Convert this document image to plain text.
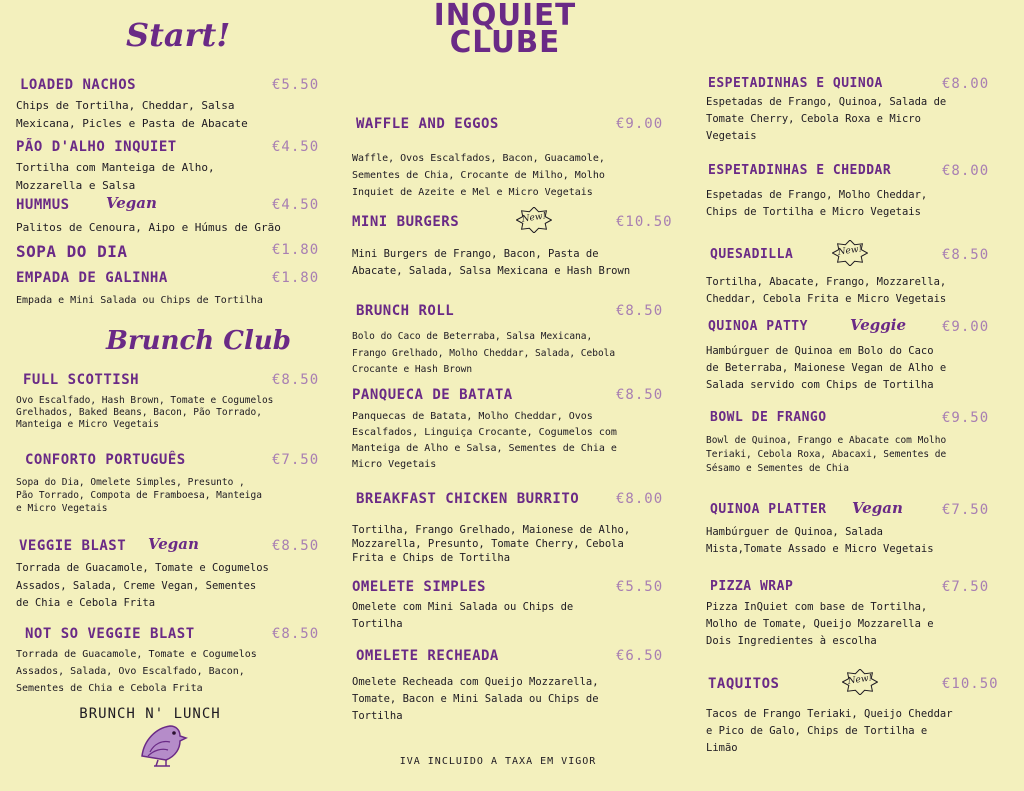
INQUIET
CLUBE
Start!
Brunch Club
LOADED NACHOS	€5.50
Chips de Tortilha, Cheddar, Salsa
Mexicana, Picles e Pasta de Abacate
PÃO D'ALHO INQUIET	€4.50
Tortilha com Manteiga de Alho,
Mozzarella e Salsa
HUMMUS	€4.50
Vegan
Palitos de Cenoura, Aipo e Húmus de Grão
SOPA DO DIA	€1.80
EMPADA DE GALINHA	€1.80
Empada e Mini Salada ou Chips de Tortilha
FULL SCOTTISH	€8.50
Ovo Escalfado, Hash Brown, Tomate e Cogumelos
Grelhados, Baked Beans, Bacon, Pão Torrado,
Manteiga e Micro Vegetais
CONFORTO PORTUGUÊS	€7.50
Sopa do Dia, Omelete Simples, Presunto ,
Pão Torrado, Compota de Framboesa, Manteiga
e Micro Vegetais
VEGGIE BLAST	€8.50
Vegan
Torrada de Guacamole, Tomate e Cogumelos
Assados, Salada, Creme Vegan, Sementes
de Chia e Cebola Frita
NOT SO VEGGIE BLAST	€8.50
Torrada de Guacamole, Tomate e Cogumelos
Assados, Salada, Ovo Escalfado, Bacon,
Sementes de Chia e Cebola Frita
WAFFLE AND EGGOS	€9.00
Waffle, Ovos Escalfados, Bacon, Guacamole,
Sementes de Chia, Crocante de Milho, Molho
Inquiet de Azeite e Mel e Micro Vegetais
MINI BURGERS	€10.50
New!
Mini Burgers de Frango, Bacon, Pasta de
Abacate, Salada, Salsa Mexicana e Hash Brown
BRUNCH ROLL	€8.50
Bolo do Caco de Beterraba, Salsa Mexicana,
Frango Grelhado, Molho Cheddar, Salada, Cebola
Crocante e Hash Brown
PANQUECA DE BATATA	€8.50
Panquecas de Batata, Molho Cheddar, Ovos
Escalfados, Linguiça Crocante, Cogumelos com
Manteiga de Alho e Salsa, Sementes de Chia e
Micro Vegetais
BREAKFAST CHICKEN BURRITO	€8.00
Tortilha, Frango Grelhado, Maionese de Alho,
Mozzarella, Presunto, Tomate Cherry, Cebola
Frita e Chips de Tortilha
OMELETE SIMPLES	€5.50
Omelete com Mini Salada ou Chips de
Tortilha
OMELETE RECHEADA	€6.50
Omelete Recheada com Queijo Mozzarella,
Tomate, Bacon e Mini Salada ou Chips de
Tortilha
ESPETADINHAS E QUINOA	€8.00
Espetadas de Frango, Quinoa, Salada de
Tomate Cherry, Cebola Roxa e Micro
Vegetais
ESPETADINHAS E CHEDDAR	€8.00
Espetadas de Frango, Molho Cheddar,
Chips de Tortilha e Micro Vegetais
QUESADILLA	€8.50
New!
Tortilha, Abacate, Frango, Mozzarella,
Cheddar, Cebola Frita e Micro Vegetais
QUINOA PATTY	€9.00
Veggie
Hambúrguer de Quinoa em Bolo do Caco
de Beterraba, Maionese Vegan de Alho e
Salada servido com Chips de Tortilha
BOWL DE FRANGO	€9.50
Bowl de Quinoa, Frango e Abacate com Molho
Teriaki, Cebola Roxa, Abacaxi, Sementes de
Sésamo e Sementes de Chia
QUINOA PLATTER	€7.50
Vegan
Hambúrguer de Quinoa, Salada
Mista,Tomate Assado e Micro Vegetais
PIZZA WRAP	€7.50
Pizza InQuiet com base de Tortilha,
Molho de Tomate, Queijo Mozzarella e
Dois Ingredientes à escolha
TAQUITOS	€10.50
New!
Tacos de Frango Teriaki, Queijo Cheddar
e Pico de Galo, Chips de Tortilha e
Limão
BRUNCH N' LUNCH
IVA INCLUIDO A TAXA EM VIGOR
